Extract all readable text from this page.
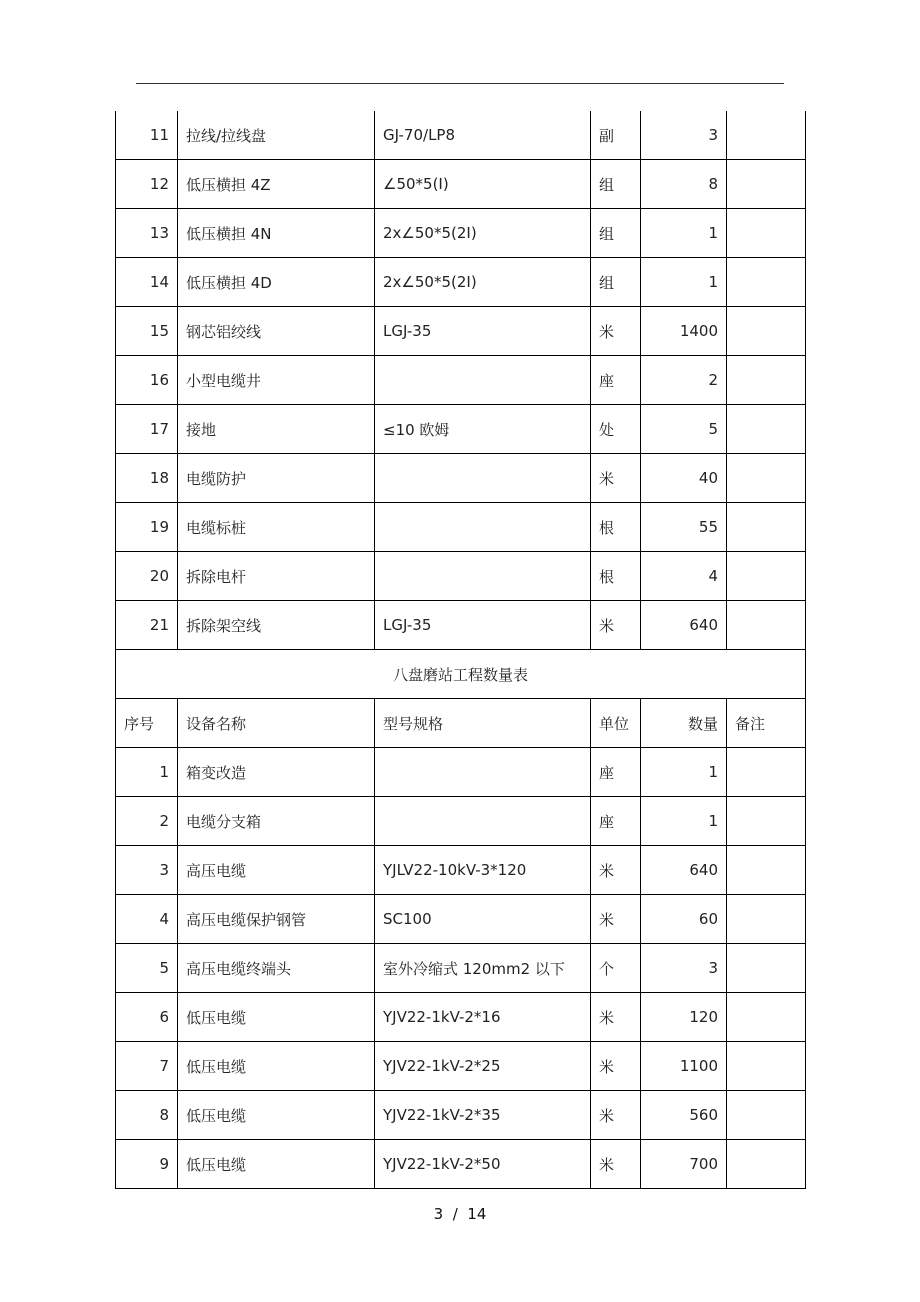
11	拉线/拉线盘	GJ-70/LP8	副	3	
12	低压横担 4Z	∠50*5(Ⅰ)	组	8	
13	低压横担 4N	2x∠50*5(2Ⅰ)	组	1	
14	低压横担 4D	2x∠50*5(2Ⅰ)	组	1	
15	钢芯铝绞线	LGJ-35	米	1400	
16	小型电缆井		座	2	
17	接地	≤10 欧姆	处	5	
18	电缆防护		米	40	
19	电缆标桩		根	55	
20	拆除电杆		根	4	
21	拆除架空线	LGJ-35	米	640	
八盘磨站工程数量表					
序号	设备名称	型号规格	单位	数量	备注
1	箱变改造		座	1	
2	电缆分支箱		座	1	
3	高压电缆	YJLV22-10kV-3*120	米	640	
4	高压电缆保护钢管	SC100	米	60	
5	高压电缆终端头	室外冷缩式 120mm2 以下	个	3	
6	低压电缆	YJV22-1kV-2*16	米	120	
7	低压电缆	YJV22-1kV-2*25	米	1100	
8	低压电缆	YJV22-1kV-2*35	米	560	
9	低压电缆	YJV22-1kV-2*50	米	700	
3  /  14
